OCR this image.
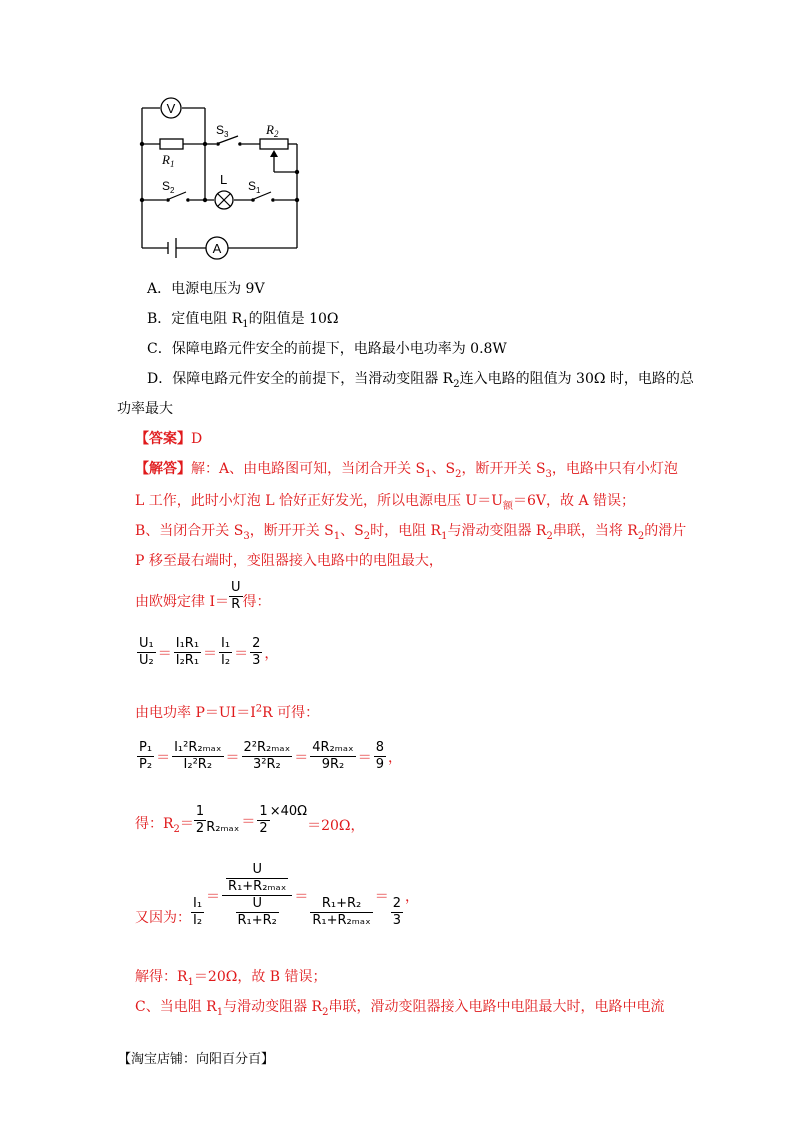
V
$R_1$
$S_3$	$R_2$
$S_2$
L $S_1$
A
A．电源电压为 9V
B．定值电阻 $R_1$的阻值是 10Ω
C．保障电路元件安全的前提下，电路最小电功率为 0.8W
D．保障电路元件安全的前提下，当滑动变阻器 $R_2$连入电路的阻值为 30Ω 时，电路的总
功率最大
【答案】D
【解答】解：A、由电路图可知，当闭合开关 $S_1$、$S_2$，断开开关 $S_3$，电路中只有小灯泡
L 工作，此时小灯泡 L 恰好正好发光，所以电源电压 $U=U_额=6V$，故 A 错误；
B、当闭合开关 $S_3$，断开开关 $S_1$、$S_2$时，电阻 $R_1$与滑动变阻器 $R_2$串联，当将 $R_2$的滑片
P 移至最右端时，变阻器接入电路中的电阻最大，
由欧姆定律 $I= \frac{U}{R}$ 得：
$\frac{\text{U₁}}{\text{U₂}} = \frac{\text{I₁R₁}}{\text{I₂R₁}} = \frac{\text{I₁}}{\text{I₂}} = \frac{2}{3}$ ，
由电功率 $P=UI=I^2R$ 可得：
$\frac{\text{P₁}}{\text{P₂}} = \frac{\text{I₁²R₂ₘₐₓ}}{\text{I₂²R₂}} = \frac{\text{2²R₂ₘₐₓ}}{\text{3²R₂}} = \frac{\text{4R₂ₘₐₓ}}{\text{9R₂}} = \frac{8}{9}$ ，
得：$R_2= \frac{1}{2} R_{2max} = \frac{1}{2} \times 40\Omega$
＝20Ω，
又因为： $\frac{\text{I₁}}{\text{I₂}} = \frac{\frac{U}{\text{R₁+R₂ₘₐₓ}}}{\frac{U}{\text{R₁+R₂}}} = \frac{\text{R₁+R₂}}{\text{R₁+R₂ₘₐₓ}} = \frac{2}{3}$ ，
解得：$R_1=20\Omega$，故 B 错误；
C、当电阻 $R_1$与滑动变阻器 $R_2$串联，滑动变阻器接入电路中电阻最大时，电路中电流
【淘宝店铺：向阳百分百】
